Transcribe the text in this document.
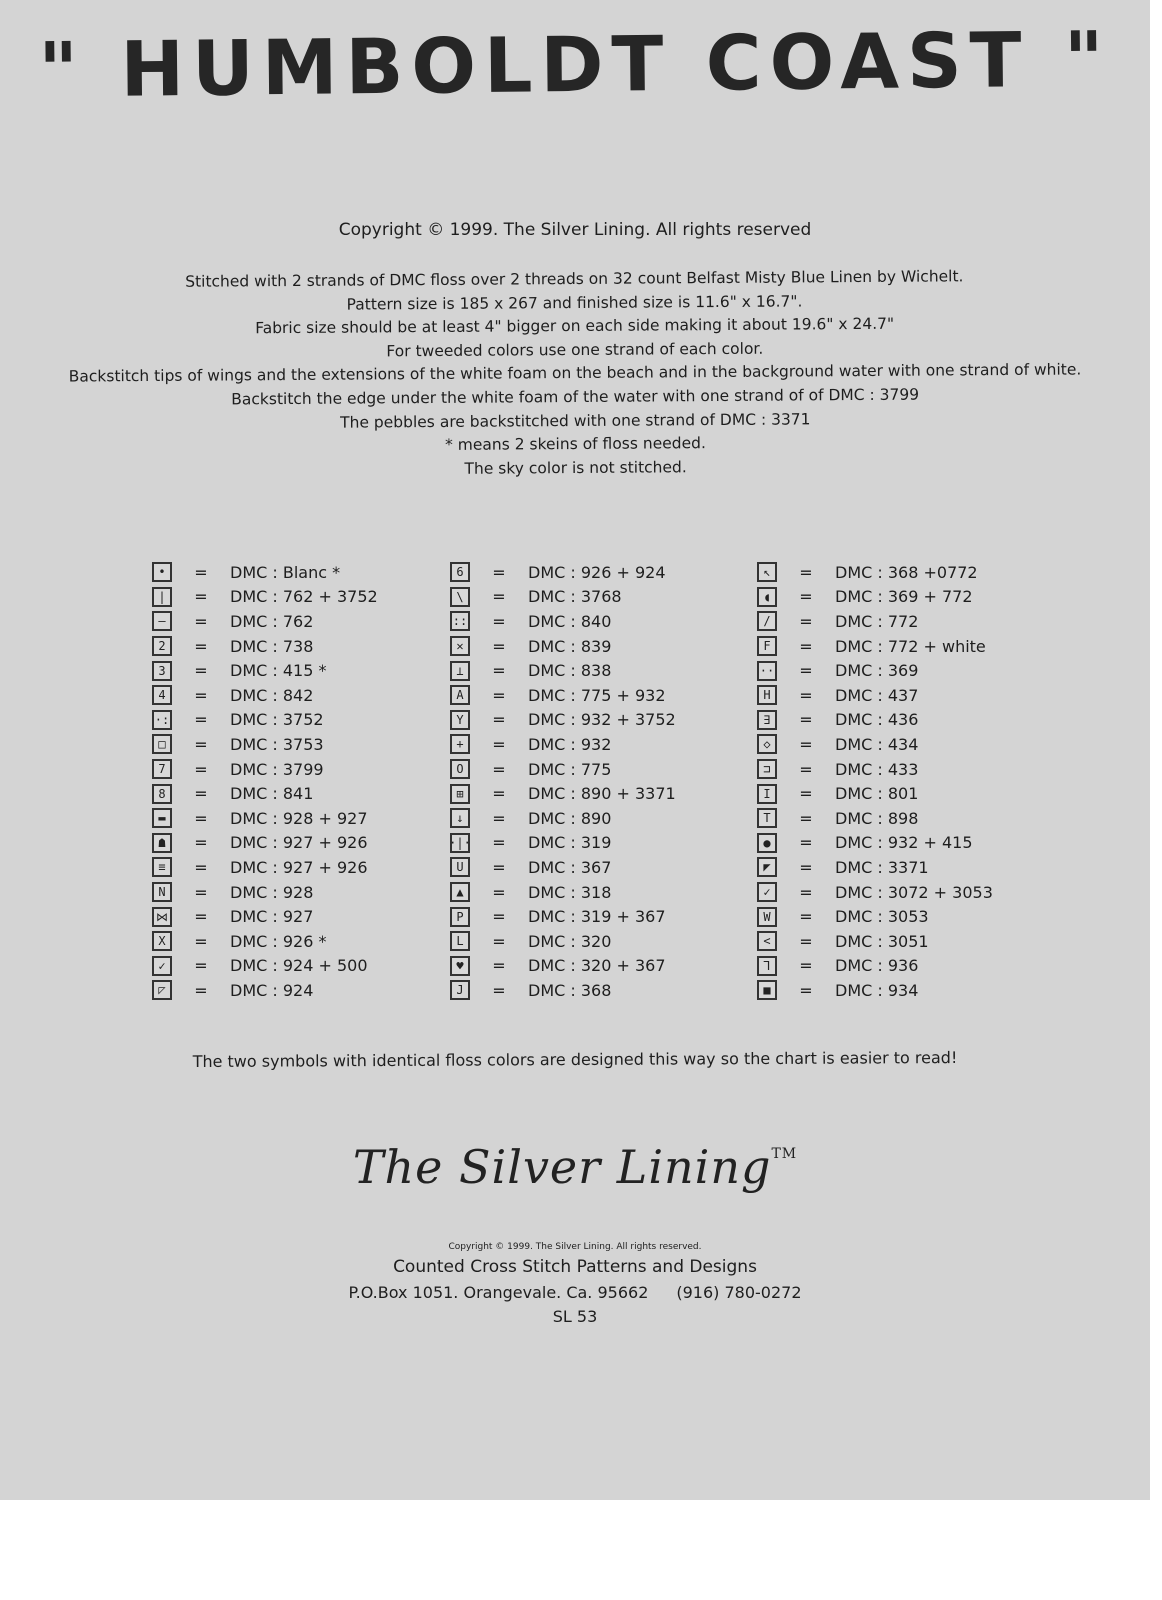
" HUMBOLDT COAST "
Copyright © 1999. The Silver Lining. All rights reserved
Stitched with 2 strands of DMC floss over 2 threads on 32 count Belfast Misty Blue Linen by Wichelt.
Pattern size is 185 x 267 and finished size is 11.6" x 16.7".
Fabric size should be at least 4" bigger on each side making it about 19.6" x 24.7"
For tweeded colors use one strand of each color.
Backstitch tips of wings and the extensions of the white foam on the beach and in the background water with one strand of white.
Backstitch the edge under the white foam of the water with one strand of of DMC : 3799
The pebbles are backstitched with one strand of DMC : 3371
* means 2 skeins of floss needed.
The sky color is not stitched.
•	=	DMC : Blanc *
|	=	DMC : 762 + 3752
—	=	DMC : 762
2	=	DMC : 738
3	=	DMC : 415 *
4	=	DMC : 842
·:	=	DMC : 3752
□	=	DMC : 3753
7	=	DMC : 3799
8	=	DMC : 841
▬	=	DMC : 928 + 927
☗	=	DMC : 927 + 926
≡	=	DMC : 927 + 926
N	=	DMC : 928
⋈	=	DMC : 927
X	=	DMC : 926 *
✓	=	DMC : 924 + 500
◸	=	DMC : 924
6	=	DMC : 926 + 924
\	=	DMC : 3768
::	=	DMC : 840
✕	=	DMC : 839
⊥	=	DMC : 838
A	=	DMC : 775 + 932
Y	=	DMC : 932 + 3752
+	=	DMC : 932
O	=	DMC : 775
⊞	=	DMC : 890 + 3371
↓	=	DMC : 890
·|·	=	DMC : 319
U	=	DMC : 367
▲	=	DMC : 318
P	=	DMC : 319 + 367
L	=	DMC : 320
♥	=	DMC : 320 + 367
J	=	DMC : 368
↖	=	DMC : 368 +0772
◖	=	DMC : 369 + 772
/	=	DMC : 772
F	=	DMC : 772 + white
··	=	DMC : 369
H	=	DMC : 437
∃	=	DMC : 436
◇	=	DMC : 434
⊐	=	DMC : 433
I	=	DMC : 801
T	=	DMC : 898
●	=	DMC : 932 + 415
◤	=	DMC : 3371
✓	=	DMC : 3072 + 3053
W	=	DMC : 3053
<	=	DMC : 3051
⅂	=	DMC : 936
■	=	DMC : 934
The two symbols with identical floss colors are designed this way so the chart is easier to read!
The Silver Lining™
Copyright © 1999. The Silver Lining. All rights reserved.
Counted Cross Stitch Patterns and Designs
P.O.Box 1051. Orangevale. Ca. 95662 (916) 780-0272
SL 53
